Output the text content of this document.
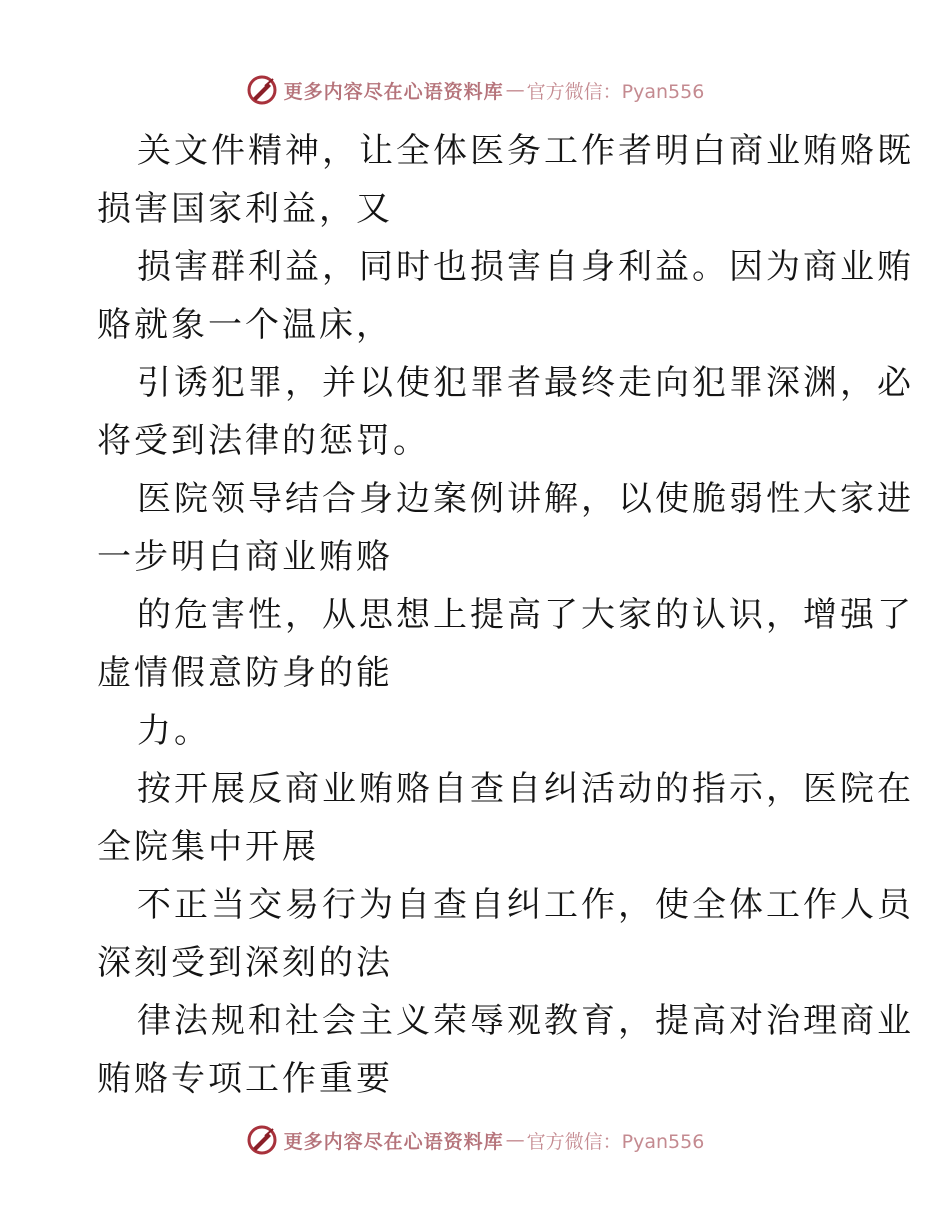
更多内容尽在心语资料库 — 官方微信：Pyan556

关文件精神，让全体医务工作者明白商业贿赂既
损害国家利益，又

损害群利益，同时也损害自身利益。因为商业贿
赂就象一个温床，

引诱犯罪，并以使犯罪者最终走向犯罪深渊，必
将受到法律的惩罚。

医院领导结合身边案例讲解，以使脆弱性大家进
一步明白商业贿赂

的危害性，从思想上提高了大家的认识，增强了
虚情假意防身的能

力。

按开展反商业贿赂自查自纠活动的指示，医院在
全院集中开展

不正当交易行为自查自纠工作，使全体工作人员
深刻受到深刻的法

律法规和社会主义荣辱观教育，提高对治理商业
贿赂专项工作重要

更多内容尽在心语资料库 — 官方微信：Pyan556
